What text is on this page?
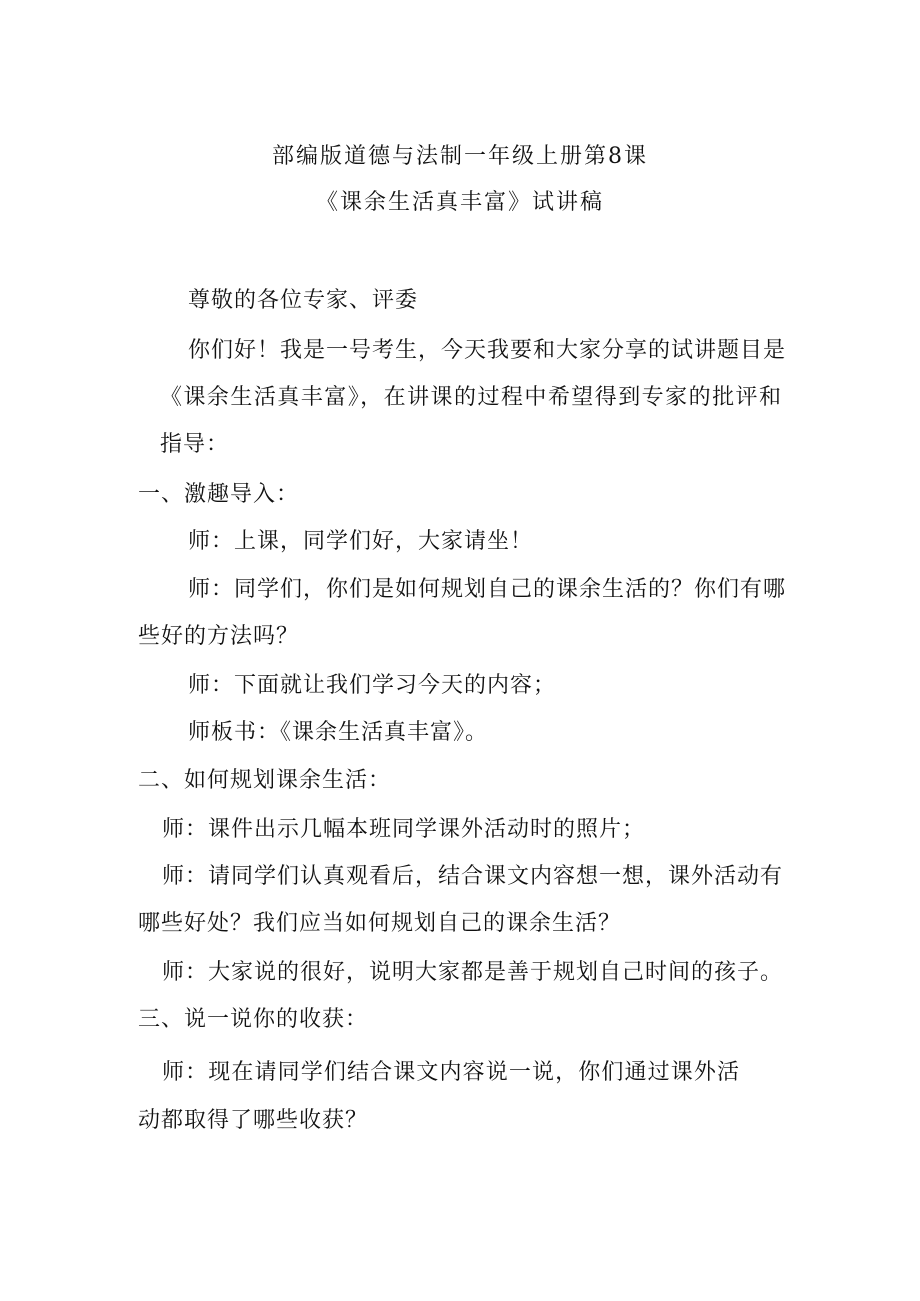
部编版道德与法制一年级上册第8课
《课余生活真丰富》试讲稿
尊敬的各位专家、评委
你们好！我是一号考生，今天我要和大家分享的试讲题目是
《课余生活真丰富》，在讲课的过程中希望得到专家的批评和
指导：
一、激趣导入：
师：上课，同学们好，大家请坐！
师：同学们，你们是如何规划自己的课余生活的？你们有哪
些好的方法吗？
师：下面就让我们学习今天的内容；
师板书：《课余生活真丰富》。
二、如何规划课余生活：
师：课件出示几幅本班同学课外活动时的照片；
师：请同学们认真观看后，结合课文内容想一想，课外活动有
哪些好处？我们应当如何规划自己的课余生活？
师：大家说的很好，说明大家都是善于规划自己时间的孩子。
三、说一说你的收获：
师：现在请同学们结合课文内容说一说，你们通过课外活
动都取得了哪些收获？
